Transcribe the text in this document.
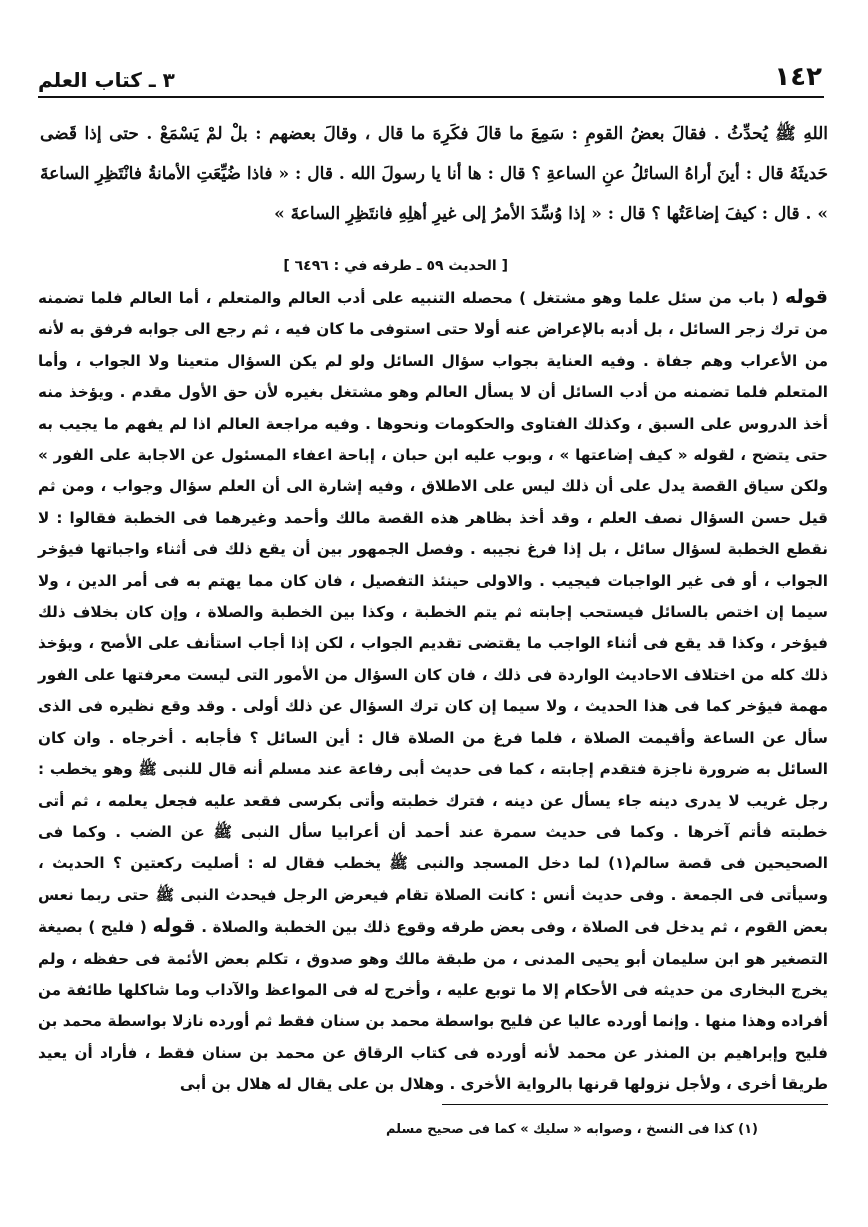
١٤٢
٣ ـ كتاب العلم
اللهِ ﷺ يُحدِّثُ . فقالَ بعضُ القومِ : سَمِعَ ما قالَ فكَرِهَ ما قال ، وقالَ بعضهم : بلْ لمْ يَسْمَعْ . حتى إذا قَضى حَديثَهُ قال : أينَ أراهُ السائلُ عنِ الساعةِ ؟ قال : ها أنا يا رسولَ الله . قال : « فاذا ضُيِّعَتِ الأمانةُ فانْتَظِرِ الساعةَ » . قال : كيفَ إضاعَتُها ؟ قال : « إذا وُسِّدَ الأمرُ إلى غيرِ أهلِهِ فانتَظِرِ الساعةَ »
[ الحديث ٥٩ ـ طرفه في : ٦٤٩٦ ]

قوله ( باب من سئل علما وهو مشتغل ) محصله التنبيه على أدب العالم والمتعلم ، أما العالم فلما تضمنه من ترك زجر السائل ، بل أدبه بالإعراض عنه أولا حتى استوفى ما كان فيه ، ثم رجع الى جوابه فرفق به لأنه من الأعراب وهم جفاة . وفيه العناية بجواب سؤال السائل ولو لم يكن السؤال متعينا ولا الجواب ، وأما المتعلم فلما تضمنه من أدب السائل أن لا يسأل العالم وهو مشتغل بغيره لأن حق الأول مقدم . ويؤخذ منه أخذ الدروس على السبق ، وكذلك الفتاوى والحكومات ونحوها . وفيه مراجعة العالم اذا لم يفهم ما يجيب به حتى يتضح ، لقوله « كيف إضاعتها » ، وبوب عليه ابن حبان ، إباحة اعفاء المسئول عن الاجابة على الفور » ولكن سياق القصة يدل على أن ذلك ليس على الاطلاق ، وفيه إشارة الى أن العلم سؤال وجواب ، ومن ثم قيل حسن السؤال نصف العلم ، وقد أخذ بظاهر هذه القصة مالك وأحمد وغيرهما فى الخطبة فقالوا : لا نقطع الخطبة لسؤال سائل ، بل إذا فرغ نجيبه . وفصل الجمهور بين أن يقع ذلك فى أثناء واجباتها فيؤخر الجواب ، أو فى غير الواجبات فيجيب . والاولى حينئذ التفصيل ، فان كان مما يهتم به فى أمر الدين ، ولا سيما إن اختص بالسائل فيستحب إجابته ثم يتم الخطبة ، وكذا بين الخطبة والصلاة ، وإن كان بخلاف ذلك فيؤخر ، وكذا قد يقع فى أثناء الواجب ما يقتضى تقديم الجواب ، لكن إذا أجاب استأنف على الأصح ، ويؤخذ ذلك كله من اختلاف الاحاديث الواردة فى ذلك ، فان كان السؤال من الأمور التى ليست معرفتها على الفور مهمة فيؤخر كما فى هذا الحديث ، ولا سيما إن كان ترك السؤال عن ذلك أولى . وقد وقع نظيره فى الذى سأل عن الساعة وأقيمت الصلاة ، فلما فرغ من الصلاة قال : أين السائل ؟ فأجابه . أخرجاه . وان كان السائل به ضرورة ناجزة فتقدم إجابته ، كما فى حديث أبى رفاعة عند مسلم أنه قال للنبى ﷺ وهو يخطب : رجل غريب لا يدرى دينه جاء يسأل عن دينه ، فترك خطبته وأتى بكرسى فقعد عليه فجعل يعلمه ، ثم أتى خطبته فأتم آخرها . وكما فى حديث سمرة عند أحمد أن أعرابيا سأل النبى ﷺ عن الضب . وكما فى الصحيحين فى قصة سالم(١) لما دخل المسجد والنبى ﷺ يخطب فقال له : أصليت ركعتين ؟ الحديث ، وسيأتى فى الجمعة . وفى حديث أنس : كانت الصلاة تقام فيعرض الرجل فيحدث النبى ﷺ حتى ربما نعس بعض القوم ، ثم يدخل فى الصلاة ، وفى بعض طرقه وقوع ذلك بين الخطبة والصلاة . قوله ( فليح ) بصيغة التصغير هو ابن سليمان أبو يحيى المدنى ، من طبقة مالك وهو صدوق ، تكلم بعض الأئمة فى حفظه ، ولم يخرج البخارى من حديثه فى الأحكام إلا ما توبع عليه ، وأخرج له فى المواعظ والآداب وما شاكلها طائفة من أفراده وهذا منها . وإنما أورده عاليا عن فليح بواسطة محمد بن سنان فقط ثم أورده نازلا بواسطة محمد بن فليح وإبراهيم بن المنذر عن محمد لأنه أورده فى كتاب الرقاق عن محمد بن سنان فقط ، فأراد أن يعيد طريقا أخرى ، ولأجل نزولها قرنها بالرواية الأخرى . وهلال بن على يقال له هلال بن أبى

(١) كذا فى النسخ ، وصوابه « سليك » كما فى صحيح مسلم
